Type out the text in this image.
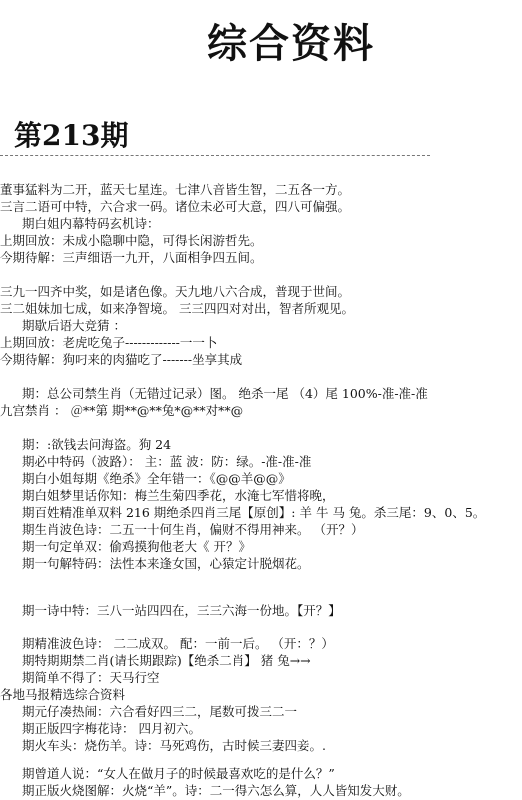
综合资料
第213期
董事猛料为二开，蓝天七星连。七津八音皆生智，二五各一方。
三言二语可中特，六合求一码。诸位未必可大意，四八可偏强。
期白姐内幕特码玄机诗：
上期回放：未成小隐聊中隐，可得长闲游哲先。
今期待解：三声细语一九开，八面相争四五间。
三九一四齐中奖，如是诸色像。天九地八六合成，普现于世间。
三二姐妹加七成，如来净智境。 三三四四对对出，智者所观见。
期歇后语大竞猜 ：
上期回放：老虎吃兔子-------------一一卜
今期待解：狗叼来的肉猫吃了-------坐享其成
期：总公司禁生肖（无错过记录）图。 绝杀一尾 （4）尾 100%-准-准-准
九宫禁肖 ： ＠**第 期**@**兔*@**对**@
期：:欲钱去问海盗。狗 24
期必中特码（波路）： 主：蓝 波：防：绿。-准-准-准
期白小姐每期《绝杀》全年错一：《@@羊@@》
期白姐梦里话你知：梅兰生菊四季花，水淹七军惜将晚，
期百姓精准单双料 216 期绝杀四肖三尾【原创】: 羊 牛 马 兔。杀三尾：9、0、5。
期生肖波色诗：二五一十何生肖，偏财不得用神来。 （开？）
期一句定单双：偷鸡摸狗他老大《 开？》
期一句解特码：法性本来逢女国，心猿定计脱烟花。
期一诗中特：三八一站四四在，三三六海一份地。【开？】
期精准波色诗： 二二成双。 配：一前一后。 （开：？）
期特期期禁二肖(请长期跟踪)【绝杀二肖】 猪 兔→→
期简单不得了：天马行空
各地马报精选综合资料
期元仔凑热闹：六合看好四三二，尾数可拨三二一
期正版四字梅花诗： 四月初六。
期火车头：烧伤羊。诗：马死鸡伤，古时候三妻四妾。.
期曾道人说：“女人在做月子的时候最喜欢吃的是什么？”
期正版火烧图解：火烧“羊”。诗：二一得六怎么算，人人皆知发大财。
